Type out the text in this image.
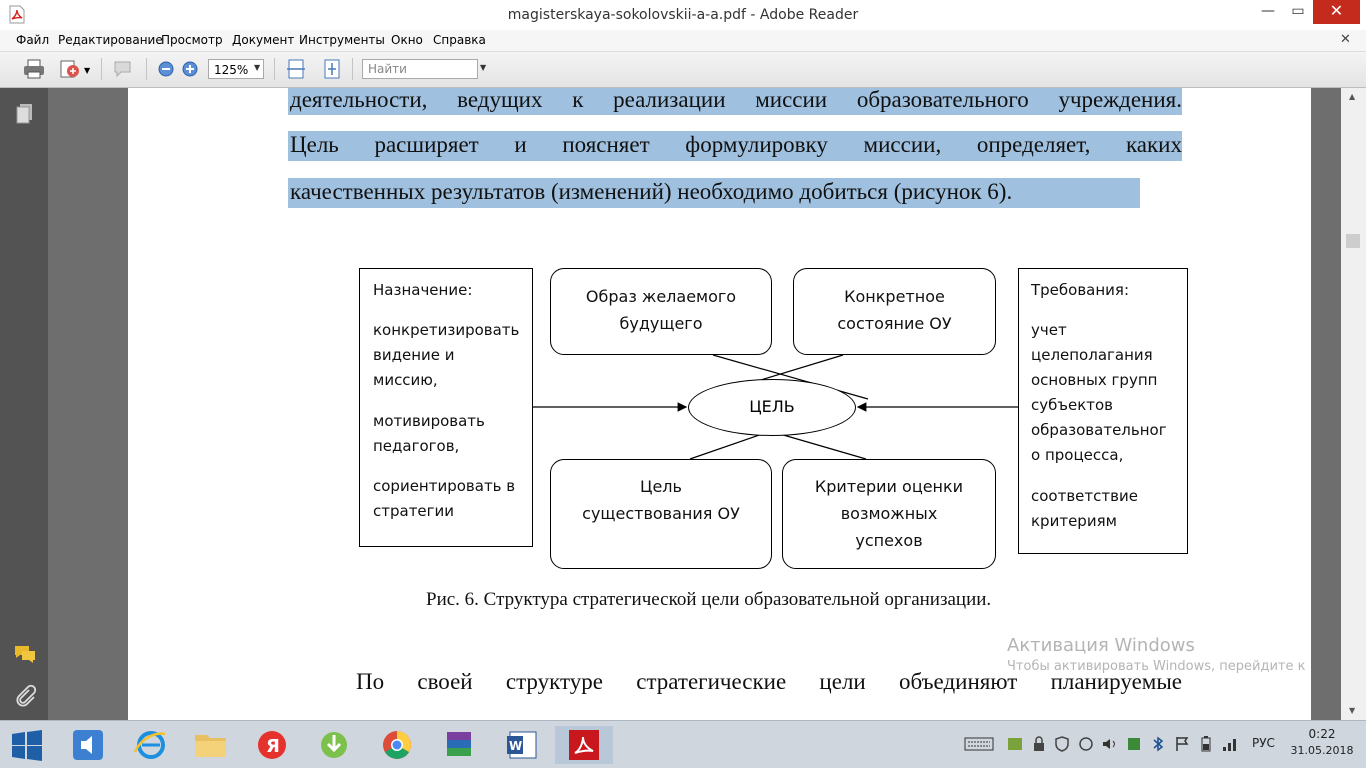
magisterskaya-sokolovskii-a-a.pdf - Adobe Reader	—	▭	✕
Файл Редактирование
Просмотр Документ Инструменты Окно Справка	✕
▼	125% ▼	Найти	▼
деятельности, ведущих к реализации миссии образовательного учреждения.
Цель расширяет и поясняет формулировку миссии, определяет, каких
качественных результатов (изменений) необходимо добиться (рисунок 6).
Назначение:
конкретизировать
видение и
миссию,
мотивировать
педагогов,
сориентировать в
стратегии
Требования:
учет
целеполагания
основных групп
субъектов
образовательног
о процесса,
соответствие
критериям
Образ желаемого
будущего
Конкретное
состояние ОУ
ЦЕЛЬ
Цель
существования ОУ
Критерии оценки
возможных
успехов
Рис. 6. Структура стратегической цели образовательной организации.
По своей структуре стратегические цели объединяют планируемые
Активация Windows
Чтобы активировать Windows, перейдите к
▲
▼
Я	W	РУС
0:22
31.05.2018
